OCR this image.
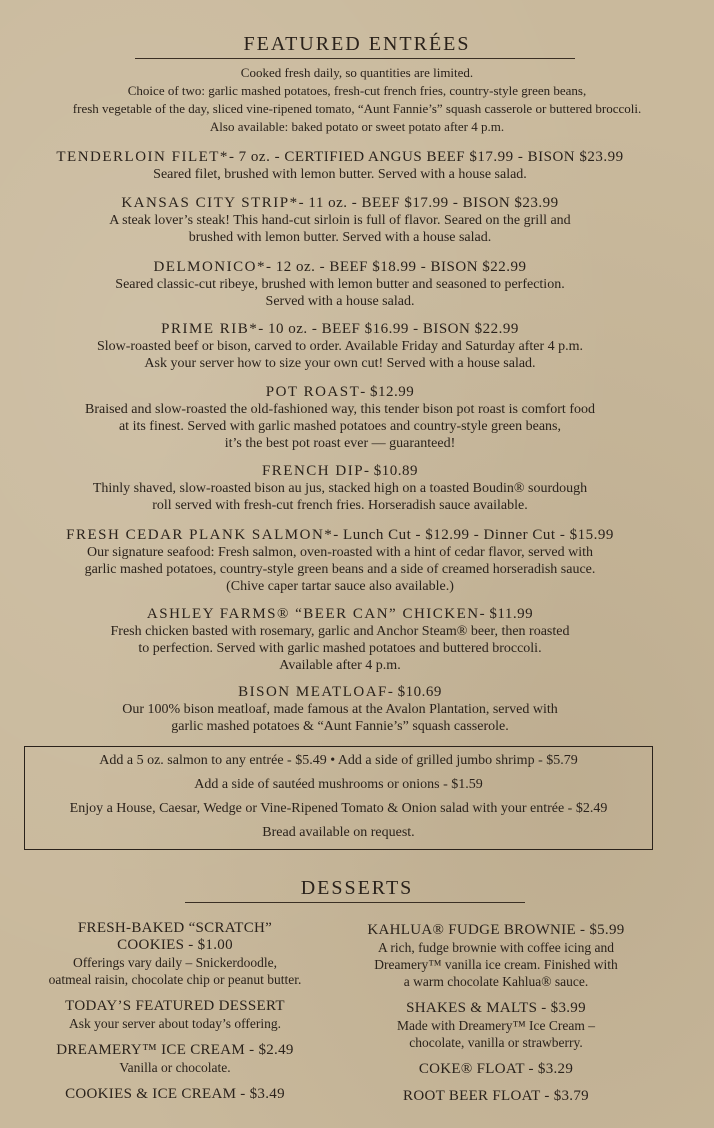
FEATURED ENTRÉES
Cooked fresh daily, so quantities are limited.
Choice of two: garlic mashed potatoes, fresh-cut french fries, country-style green beans,
fresh vegetable of the day, sliced vine-ripened tomato, “Aunt Fannie’s” squash casserole or buttered broccoli.
Also available: baked potato or sweet potato after 4 p.m.
TENDERLOIN FILET*- 7 oz. - CERTIFIED ANGUS BEEF $17.99 - BISON $23.99
Seared filet, brushed with lemon butter. Served with a house salad.
KANSAS CITY STRIP*- 11 oz. - BEEF $17.99 - BISON $23.99
A steak lover’s steak! This hand-cut sirloin is full of flavor. Seared on the grill and
brushed with lemon butter. Served with a house salad.
DELMONICO*- 12 oz. - BEEF $18.99 - BISON $22.99
Seared classic-cut ribeye, brushed with lemon butter and seasoned to perfection.
Served with a house salad.
PRIME RIB*- 10 oz. - BEEF $16.99 - BISON $22.99
Slow-roasted beef or bison, carved to order. Available Friday and Saturday after 4 p.m.
Ask your server how to size your own cut! Served with a house salad.
POT ROAST- $12.99
Braised and slow-roasted the old-fashioned way, this tender bison pot roast is comfort food
at its finest. Served with garlic mashed potatoes and country-style green beans,
it’s the best pot roast ever — guaranteed!
FRENCH DIP- $10.89
Thinly shaved, slow-roasted bison au jus, stacked high on a toasted Boudin® sourdough
roll served with fresh-cut french fries. Horseradish sauce available.
FRESH CEDAR PLANK SALMON*- Lunch Cut - $12.99 - Dinner Cut - $15.99
Our signature seafood: Fresh salmon, oven-roasted with a hint of cedar flavor, served with
garlic mashed potatoes, country-style green beans and a side of creamed horseradish sauce.
(Chive caper tartar sauce also available.)
ASHLEY FARMS® “BEER CAN” CHICKEN- $11.99
Fresh chicken basted with rosemary, garlic and Anchor Steam® beer, then roasted
to perfection. Served with garlic mashed potatoes and buttered broccoli.
Available after 4 p.m.
BISON MEATLOAF- $10.69
Our 100% bison meatloaf, made famous at the Avalon Plantation, served with
garlic mashed potatoes & “Aunt Fannie’s” squash casserole.
Add a 5 oz. salmon to any entrée - $5.49 • Add a side of grilled jumbo shrimp - $5.79
Add a side of sautéed mushrooms or onions - $1.59
Enjoy a House, Caesar, Wedge or Vine-Ripened Tomato & Onion salad with your entrée - $2.49
Bread available on request.
DESSERTS
FRESH-BAKED “SCRATCH”
COOKIES - $1.00
Offerings vary daily – Snickerdoodle,
oatmeal raisin, chocolate chip or peanut butter.
TODAY’S FEATURED DESSERT
Ask your server about today’s offering.
DREAMERY™ ICE CREAM - $2.49
Vanilla or chocolate.
COOKIES & ICE CREAM - $3.49
KAHLUA® FUDGE BROWNIE - $5.99
A rich, fudge brownie with coffee icing and
Dreamery™ vanilla ice cream. Finished with
a warm chocolate Kahlua® sauce.
SHAKES & MALTS - $3.99
Made with Dreamery™ Ice Cream –
chocolate, vanilla or strawberry.
COKE® FLOAT - $3.29
ROOT BEER FLOAT - $3.79
